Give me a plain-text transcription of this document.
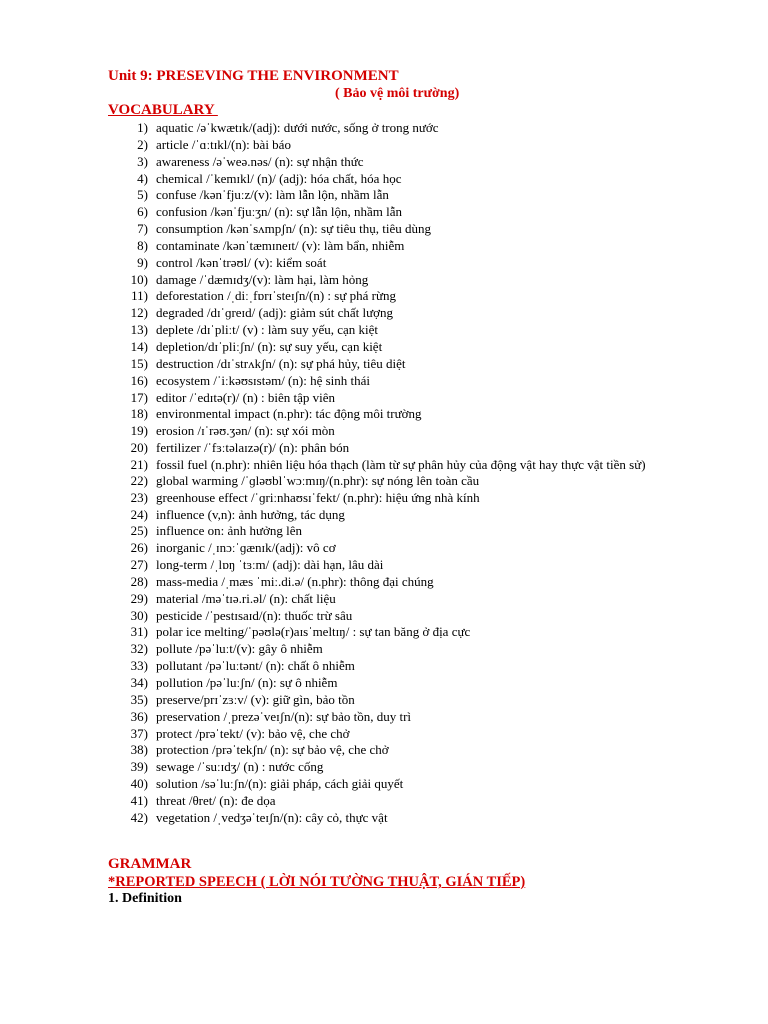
Unit 9: PRESEVING THE ENVIRONMENT
( Bảo vệ môi trường)
VOCABULARY
1) aquatic /əˈkwætɪk/(adj): dưới nước, sống ở trong nước
2) article /ˈɑːtɪkl/(n): bài báo
3) awareness /əˈweə.nəs/ (n): sự nhận thức
4) chemical /ˈkemɪkl/ (n)/ (adj): hóa chất, hóa học
5) confuse /kənˈfjuːz/(v): làm lẫn lộn, nhầm lẫn
6) confusion /kənˈfjuːʒn/ (n): sự lẫn lộn, nhầm lẫn
7) consumption /kənˈsʌmpʃn/ (n): sự tiêu thụ, tiêu dùng
8) contaminate /kənˈtæmɪneɪt/ (v): làm bẩn, nhiễm
9) control /kənˈtrəʊl/ (v): kiểm soát
10) damage /ˈdæmɪdʒ/(v): làm hại, làm hỏng
11) deforestation /ˌdiːˌfɒrɪˈsteɪʃn/(n) : sự phá rừng
12) degraded /dɪˈɡreɪd/ (adj): giảm sút chất lượng
13) deplete /dɪˈpliːt/ (v) : làm suy yếu, cạn kiệt
14) depletion/dɪˈpliːʃn/ (n): sự suy yếu, cạn kiệt
15) destruction /dɪˈstrʌkʃn/ (n): sự phá hủy, tiêu diệt
16) ecosystem /ˈiːkəʊsɪstəm/ (n): hệ sinh thái
17) editor /ˈedɪtə(r)/ (n) : biên tập viên
18) environmental impact (n.phr): tác động môi trường
19) erosion /ɪˈrəʊ.ʒən/ (n): sự xói mòn
20) fertilizer /ˈfɜːtəlaɪzə(r)/ (n): phân bón
21) fossil fuel (n.phr): nhiên liệu hóa thạch (làm từ sự phân hủy của động vật hay thực vật tiền sử)
22) global warming /ˈɡləʊblˈwɔːmɪŋ/(n.phr): sự nóng lên toàn cầu
23) greenhouse effect /ˈɡriːnhaʊsɪˈfekt/ (n.phr): hiệu ứng nhà kính
24) influence (v,n): ảnh hưởng, tác dụng
25) influence on: ảnh hưởng lên
26) inorganic /ˌɪnɔːˈɡænɪk/(adj): vô cơ
27) long-term /ˌlɒŋ ˈtɜːm/ (adj): dài hạn, lâu dài
28) mass-media /ˌmæs ˈmiː.di.ə/ (n.phr): thông đại chúng
29) material /məˈtɪə.ri.əl/ (n): chất liệu
30) pesticide /ˈpestɪsaɪd/(n): thuốc trừ sâu
31) polar ice melting/ˈpəʊlə(r)aɪsˈmeltɪŋ/ : sự tan băng ở địa cực
32) pollute /pəˈluːt/(v): gây ô nhiễm
33) pollutant /pəˈluːtənt/ (n): chất ô nhiễm
34) pollution /pəˈluːʃn/ (n): sự ô nhiễm
35) preserve/prɪˈzɜːv/ (v): giữ gìn, bảo tồn
36) preservation /ˌprezəˈveɪʃn/(n): sự bảo tồn, duy trì
37) protect /prəˈtekt/ (v): bảo vệ, che chở
38) protection /prəˈtekʃn/ (n): sự bảo vệ, che chở
39) sewage /ˈsuːɪdʒ/ (n) : nước cống
40) solution /səˈluːʃn/(n): giải pháp, cách giải quyết
41) threat /θret/ (n): đe dọa
42) vegetation /ˌvedʒəˈteɪʃn/(n): cây cỏ, thực vật
GRAMMAR
*REPORTED SPEECH ( LỜI NÓI TƯỜNG THUẬT, GIÁN TIẾP)
1. Definition
